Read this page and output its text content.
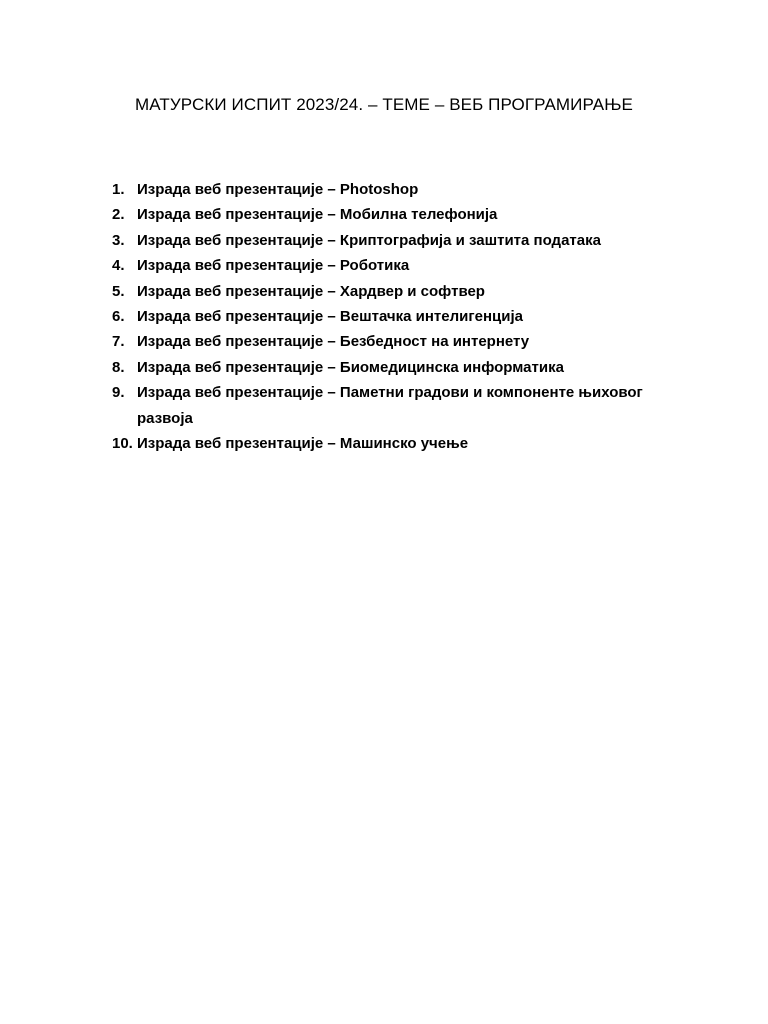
МАТУРСКИ ИСПИТ 2023/24. – ТЕМЕ – ВЕБ ПРОГРАМИРАЊЕ
1. Израда веб презентације – Photoshop
2. Израда веб презентације – Мобилна телефонија
3. Израда веб презентације – Криптографија и заштита података
4. Израда веб презентације – Роботика
5. Израда веб презентације – Хардвер и софтвер
6. Израда веб презентације – Вештачка интелигенција
7. Израда веб презентације – Безбедност на интернету
8. Израда веб презентације – Биомедицинска информатика
9. Израда веб презентације – Паметни градови и компоненте њиховог развоја
10. Израда веб презентације – Машинско учење
